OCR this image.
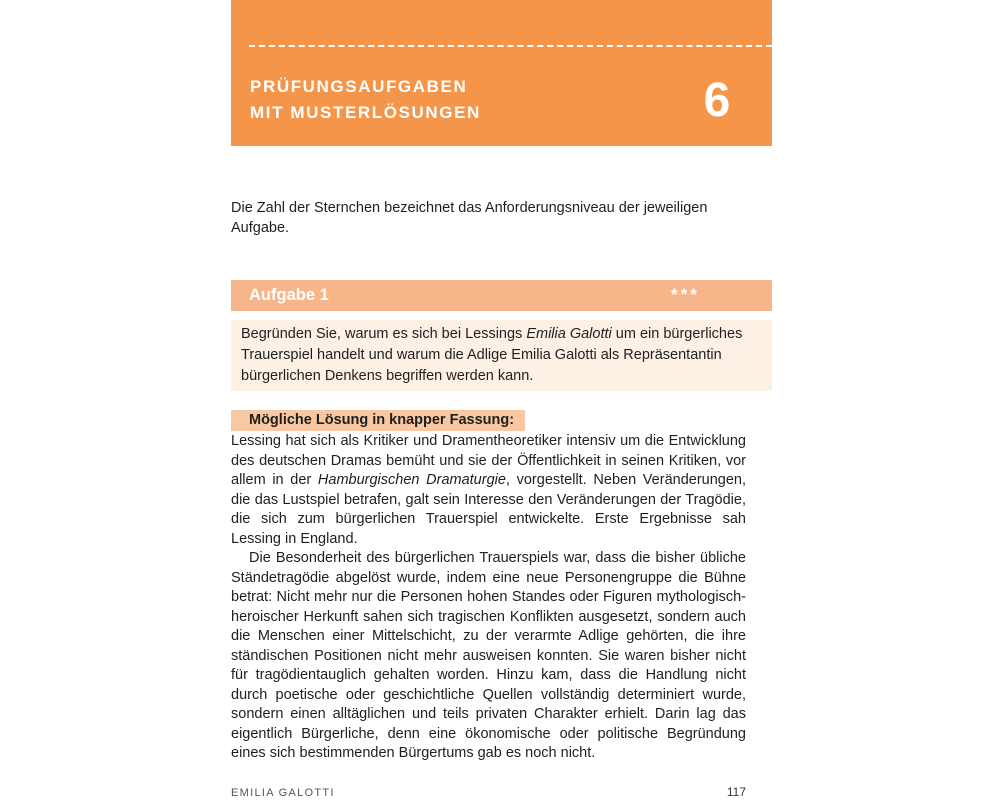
PRÜFUNGSAUFGABEN
MIT MUSTERLÖSUNGEN	6
Die Zahl der Sternchen bezeichnet das Anforderungsniveau der jeweiligen Aufgabe.
Aufgabe 1	***

Begründen Sie, warum es sich bei Lessings Emilia Galotti um ein bürgerliches Trauerspiel handelt und warum die Adlige Emilia Galotti als Repräsentantin bürgerlichen Denkens begriffen werden kann.

Mögliche Lösung in knapper Fassung:

Lessing hat sich als Kritiker und Dramentheoretiker intensiv um die Entwicklung des deutschen Dramas bemüht und sie der Öffentlichkeit in seinen Kritiken, vor allem in der Hamburgischen Dramaturgie, vorgestellt. Neben Veränderungen, die das Lustspiel betrafen, galt sein Interesse den Veränderungen der Tragödie, die sich zum bürgerlichen Trauerspiel entwickelte. Erste Ergebnisse sah Lessing in England.

Die Besonderheit des bürgerlichen Trauerspiels war, dass die bisher übliche Ständetragödie abgelöst wurde, indem eine neue Personengruppe die Bühne betrat: Nicht mehr nur die Personen hohen Standes oder Figuren mythologisch-heroischer Herkunft sahen sich tragischen Konflikten ausgesetzt, sondern auch die Menschen einer Mittelschicht, zu der verarmte Adlige gehörten, die ihre ständischen Positionen nicht mehr ausweisen konnten. Sie waren bisher nicht für tragödientauglich gehalten worden. Hinzu kam, dass die Handlung nicht durch poetische oder geschichtliche Quellen vollständig determiniert wurde, sondern einen alltäglichen und teils privaten Charakter erhielt. Darin lag das eigentlich Bürgerliche, denn eine ökonomische oder politische Begründung eines sich bestimmenden Bürgertums gab es noch nicht.

EMILIA GALOTTI	117
